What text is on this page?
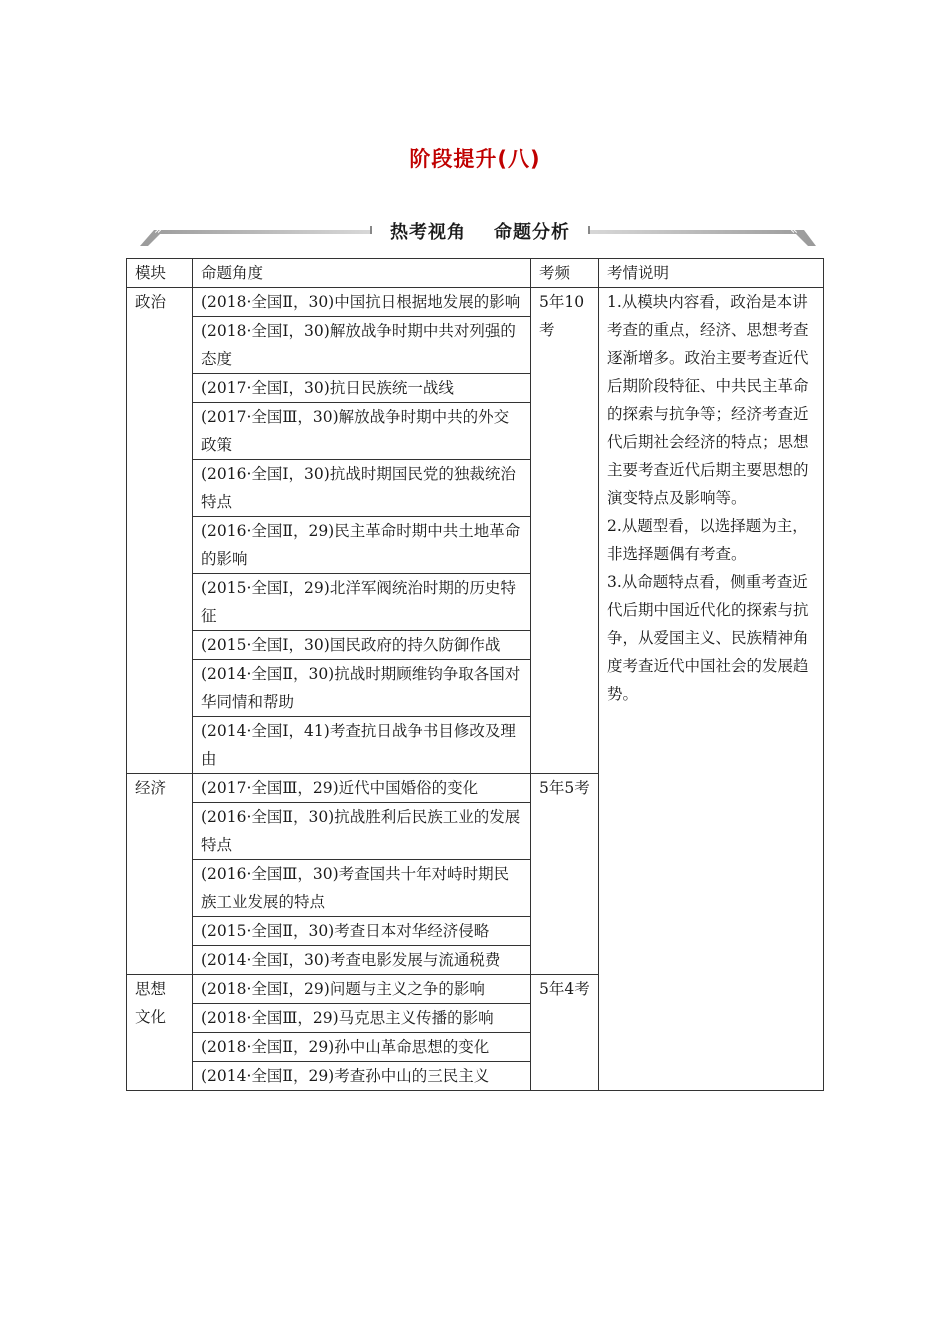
阶段提升(八)
»	«
热考视角 命题分析
模块	命题角度	考频	考情说明
政治	(2018·全国Ⅱ，30)中国抗日根据地发展的影响	5年10考	1.从模块内容看，政治是本讲考查的重点，经济、思想考查逐渐增多。政治主要考查近代后期阶段特征、中共民主革命的探索与抗争等；经济考查近代后期社会经济的特点；思想主要考查近代后期主要思想的演变特点及影响等。
2.从题型看，以选择题为主，非选择题偶有考查。
3.从命题特点看，侧重考查近代后期中国近代化的探索与抗争，从爱国主义、民族精神角度考查近代中国社会的发展趋势。

	(2018·全国Ⅰ，30)解放战争时期中共对列强的态度		
	(2017·全国Ⅰ，30)抗日民族统一战线		
	(2017·全国Ⅲ，30)解放战争时期中共的外交政策		
	(2016·全国Ⅰ，30)抗战时期国民党的独裁统治特点		
	(2016·全国Ⅱ，29)民主革命时期中共土地革命的影响		
	(2015·全国Ⅰ，29)北洋军阀统治时期的历史特征		
	(2015·全国Ⅰ，30)国民政府的持久防御作战		
	(2014·全国Ⅱ，30)抗战时期顾维钧争取各国对华同情和帮助		
	(2014·全国Ⅰ，41)考查抗日战争书目修改及理由		
经济	(2017·全国Ⅲ，29)近代中国婚俗的变化	5年5考	
	(2016·全国Ⅱ，30)抗战胜利后民族工业的发展特点		
	(2016·全国Ⅲ，30)考查国共十年对峙时期民族工业发展的特点		
	(2015·全国Ⅱ，30)考查日本对华经济侵略		
	(2014·全国Ⅰ，30)考查电影发展与流通税费		
思想文化	(2018·全国Ⅰ，29)问题与主义之争的影响	5年4考	
	(2018·全国Ⅲ，29)马克思主义传播的影响		
	(2018·全国Ⅱ，29)孙中山革命思想的变化		
	(2014·全国Ⅱ，29)考查孙中山的三民主义		
